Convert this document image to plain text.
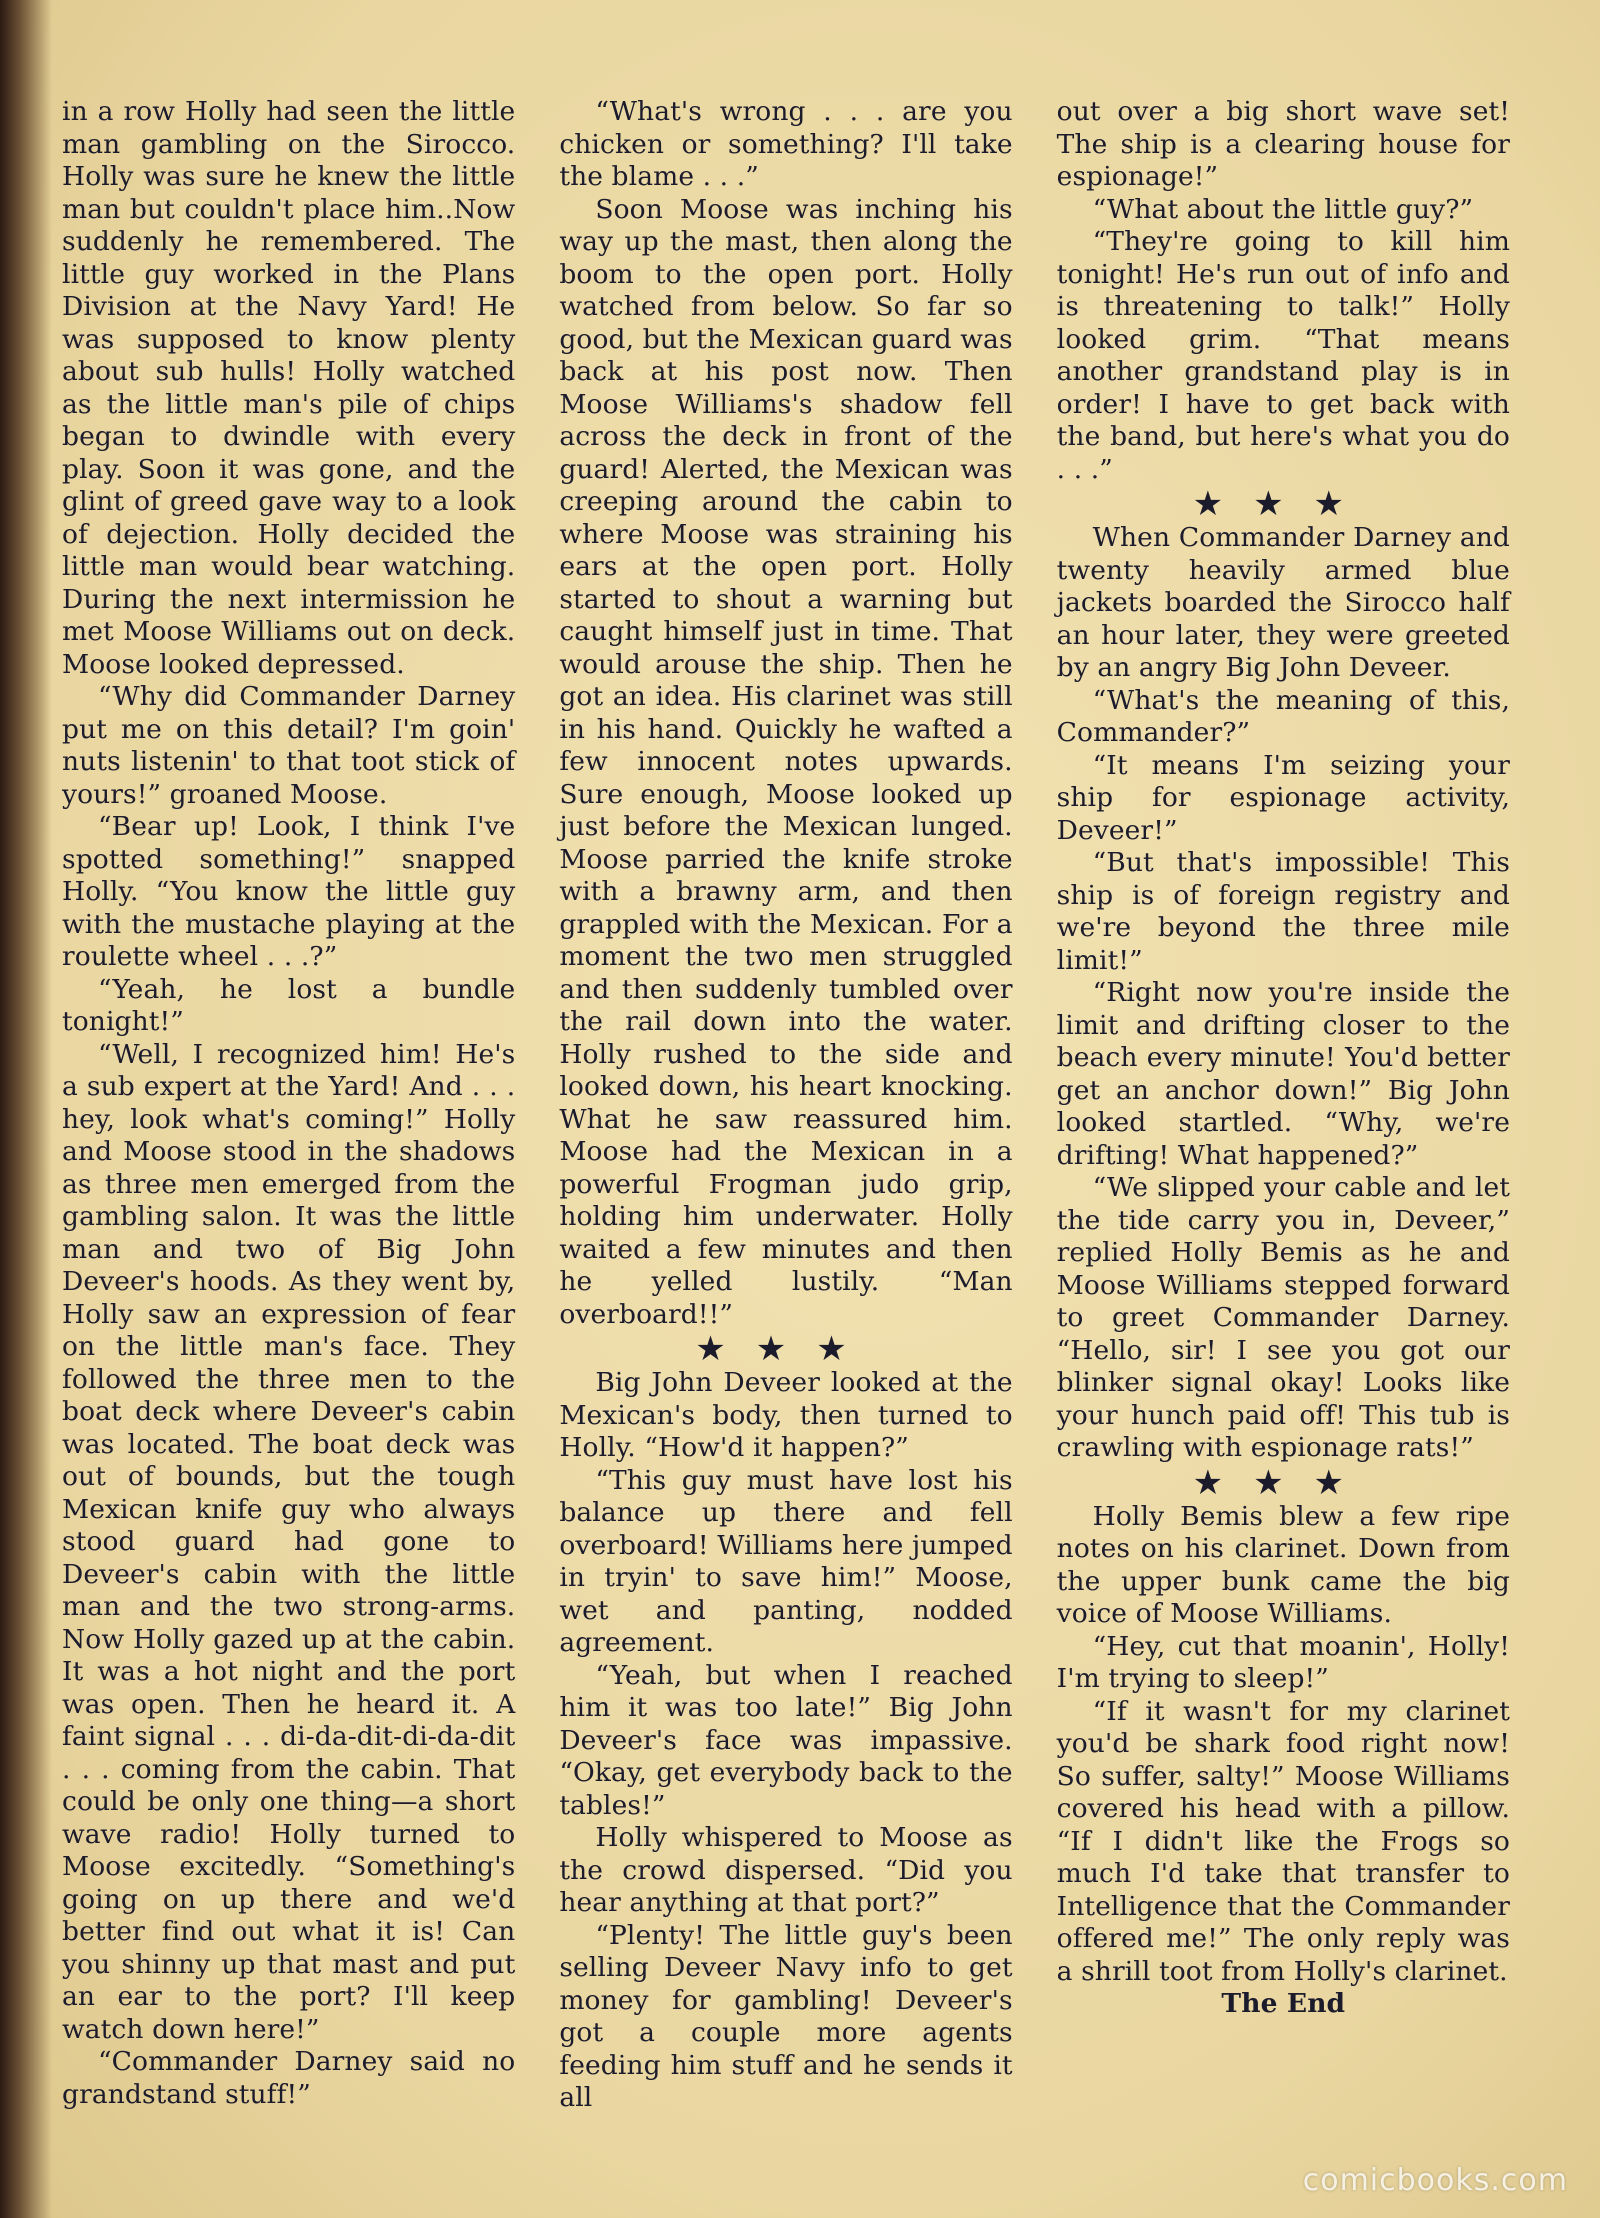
in a row Holly had seen the little man gambling on the Sirocco. Holly was sure he knew the little man but couldn't place him..Now suddenly he remembered. The little guy worked in the Plans Division at the Navy Yard! He was supposed to know plenty about sub hulls! Holly watched as the little man's pile of chips began to dwindle with every play. Soon it was gone, and the glint of greed gave way to a look of dejection. Holly decided the little man would bear watching. During the next intermission he met Moose Williams out on deck. Moose looked depressed.

“Why did Commander Darney put me on this detail? I'm goin' nuts listenin' to that toot stick of yours!” groaned Moose.

“Bear up! Look, I think I've spotted something!” snapped Holly. “You know the little guy with the mustache playing at the roulette wheel . . .?”

“Yeah, he lost a bundle tonight!”

“Well, I recognized him! He's a sub expert at the Yard! And . . . hey, look what's coming!” Holly and Moose stood in the shadows as three men emerged from the gambling salon. It was the little man and two of Big John Deveer's hoods. As they went by, Holly saw an expression of fear on the little man's face. They followed the three men to the boat deck where Deveer's cabin was located. The boat deck was out of bounds, but the tough Mexican knife guy who always stood guard had gone to Deveer's cabin with the little man and the two strong-arms. Now Holly gazed up at the cabin. It was a hot night and the port was open. Then he heard it. A faint signal . . . di-da-dit-di-da-dit . . . coming from the cabin. That could be only one thing—a short wave radio! Holly turned to Moose excitedly. “Something's going on up there and we'd better find out what it is! Can you shinny up that mast and put an ear to the port? I'll keep watch down here!”

“Commander Darney said no grandstand stuff!”

“What's wrong . . . are you chicken or something? I'll take the blame . . .”

Soon Moose was inching his way up the mast, then along the boom to the open port. Holly watched from below. So far so good, but the Mexican guard was back at his post now. Then Moose Williams's shadow fell across the deck in front of the guard! Alerted, the Mexican was creeping around the cabin to where Moose was straining his ears at the open port. Holly started to shout a warning but caught himself just in time. That would arouse the ship. Then he got an idea. His clarinet was still in his hand. Quickly he wafted a few innocent notes upwards. Sure enough, Moose looked up just before the Mexican lunged. Moose parried the knife stroke with a brawny arm, and then grappled with the Mexican. For a moment the two men struggled and then suddenly tumbled over the rail down into the water. Holly rushed to the side and looked down, his heart knocking. What he saw reassured him. Moose had the Mexican in a powerful Frogman judo grip, holding him underwater. Holly waited a few minutes and then he yelled lustily. “Man overboard!!”

★★★

Big John Deveer looked at the Mexican's body, then turned to Holly. “How'd it happen?”

“This guy must have lost his balance up there and fell overboard! Williams here jumped in tryin' to save him!” Moose, wet and panting, nodded agreement.

“Yeah, but when I reached him it was too late!” Big John Deveer's face was impassive. “Okay, get everybody back to the tables!”

Holly whispered to Moose as the crowd dispersed. “Did you hear anything at that port?”

“Plenty! The little guy's been selling Deveer Navy info to get money for gambling! Deveer's got a couple more agents feeding him stuff and he sends it all

out over a big short wave set! The ship is a clearing house for espionage!”

“What about the little guy?”

“They're going to kill him tonight! He's run out of info and is threatening to talk!” Holly looked grim. “That means another grandstand play is in order! I have to get back with the band, but here's what you do . . .”

★★★

When Commander Darney and twenty heavily armed blue jackets boarded the Sirocco half an hour later, they were greeted by an angry Big John Deveer.

“What's the meaning of this, Commander?”

“It means I'm seizing your ship for espionage activity, Deveer!”

“But that's impossible! This ship is of foreign registry and we're beyond the three mile limit!”

“Right now you're inside the limit and drifting closer to the beach every minute! You'd better get an anchor down!” Big John looked startled. “Why, we're drifting! What happened?”

“We slipped your cable and let the tide carry you in, Deveer,” replied Holly Bemis as he and Moose Williams stepped forward to greet Commander Darney. “Hello, sir! I see you got our blinker signal okay! Looks like your hunch paid off! This tub is crawling with espionage rats!”

★★★

Holly Bemis blew a few ripe notes on his clarinet. Down from the upper bunk came the big voice of Moose Williams.

“Hey, cut that moanin', Holly! I'm trying to sleep!”

“If it wasn't for my clarinet you'd be shark food right now! So suffer, salty!” Moose Williams covered his head with a pillow. “If I didn't like the Frogs so much I'd take that transfer to Intelligence that the Commander offered me!” The only reply was a shrill toot from Holly's clarinet.

The End

comicbooks.com
